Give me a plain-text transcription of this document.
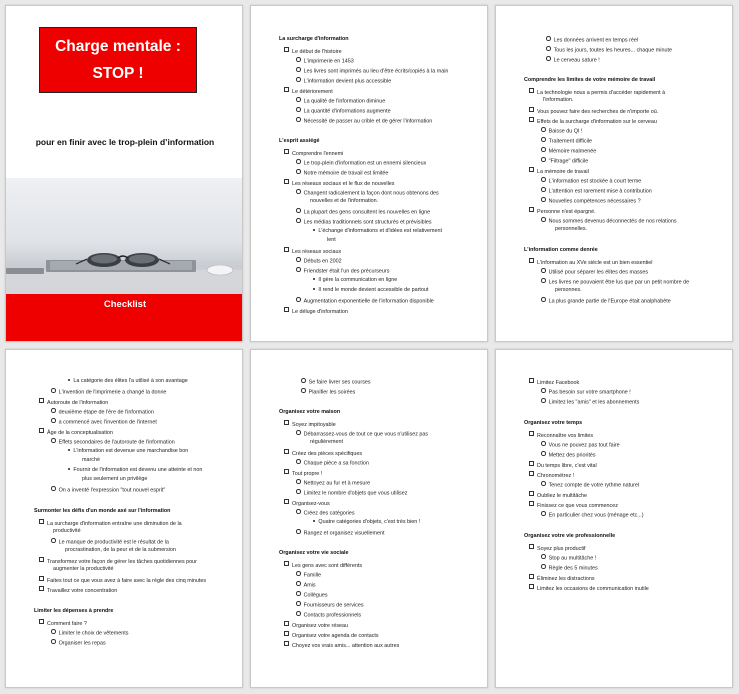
Charge mentale :
STOP !
pour en finir avec le trop-plein d’information
Checklist
La surcharge d'information
Le début de l'histoire
L'imprimerie en 1453
Les livres sont imprimés au lieu d'être écrits/copiés à la main
L'information devient plus accessible
Le détériorement
La qualité de l'information diminue
La quantité d'informations augmente
Nécessité de passer au crible et de gérer l'information
L'esprit assiégé
Comprendre l'ennemi
Le trop-plein d'information est un ennemi silencieux
Notre mémoire de travail est limitée
Les réseaux sociaux et le flux de nouvelles
Changent radicalement la façon dont nous obtenons des
nouvelles et de l'information.
La plupart des gens consultent les nouvelles en ligne
Les médias traditionnels sont structurés et prévisibles
L'échange d'informations et d'idées est relativement
lent
Les réseaux sociaux
Débuts en 2002
Friendster était l'un des précurseurs
Il gère la communication en ligne
Il rend le monde devient accessible de partout
Augmentation exponentielle de l'information disponible
Le déluge d'information
Les données arrivent en temps réel
Tous les jours, toutes les heures... chaque minute
Le cerveau sature !
Comprendre les limites de votre mémoire de travail
La technologie nous a permis d'accéder rapidement à
l'information.
Vous pouvez faire des recherches de n'importe où.
Effets de la surcharge d'information sur le cerveau
Baisse du QI !
Traitement difficile
Mémoire malmenée
"Filtrage" difficile
La mémoire de travail
L'information est stockée à court terme
L'attention est rarement mise à contribution
Nouvelles compétences nécessaires ?
Personne n'est épargné.
Nous sommes devenus déconnectés de nos relations
personnelles.
L'information comme denrée
L'information au XVe siècle est un bien essentiel
Utilisé pour séparer les élites des masses
Les livres ne pouvaient être lus que par un petit nombre de
personnes.
La plus grande partie de l'Europe était analphabète
La catégorie des élites l'a utilisé à son avantage
L'invention de l'imprimerie a changé la donne
Autoroute de l'information
deuxième étape de l'ère de l'information
a commencé avec l'invention de l'internet
Âge de la conceptualisation
Effets secondaires de l'autoroute de l'information
L'information est devenue une marchandise bon
marché
Fournir de l'information est devenu une atteinte et non
plus seulement un privilège
On a inventé l'expression "tout nouvel esprit"
Surmonter les défis d'un monde axé sur l'information
La surcharge d'information entraîne une diminution de la
productivité
Le manque de productivité est le résultat de la
procrastination, de la peur et de la submersion
Transformez votre façon de gérer les tâches quotidiennes pour
augmenter la productivité
Faites tout ce que vous avez à faire avec la règle des cinq minutes
Travaillez votre concentration
Limiter les dépenses à prendre
Comment faire ?
Limiter le choix de vêtements
Organiser les repas
Se faire livrer ses courses
Planifier les soirées
Organisez votre maison
Soyez impitoyable
Débarrassez-vous de tout ce que vous n'utilisez pas
régulièrement
Créez des pièces spécifiques
Chaque pièce a sa fonction
Tout propre !
Nettoyez au fur et à mesure
Limitez le nombre d'objets que vous utilisez
Organisez-vous
Créez des catégories
Quatre catégories d'objets, c'est très bien !
Rangez et organisez visuellement
Organisez votre vie sociale
Les gens avec sont différents
Famille
Amis
Collègues
Fournisseurs de services
Contacts professionnels
Organisez votre réseau
Organisez votre agenda de contacts
Choyez vos vrais amis... attention aux autres
Limitez Facebook
Pas besoin sur votre smartphone !
Limitez les "amis" et les abonnements
Organisez votre temps
Reconnaître vos limites
Vous ne pouvez pas tout faire
Mettez des priorités
Du temps libre, c'est vital
Chronométrez !
Tenez compte de votre rythme naturel
Oubliez le multitâche
Finissez ce que vous commencez
En particulier chez vous (ménage etc...)
Organisez votre vie professionnelle
Soyez plus productif
Stop au multitâche !
Règle des 5 minutes
Éliminez les distractions
Limitez les occasions de communication inutile
